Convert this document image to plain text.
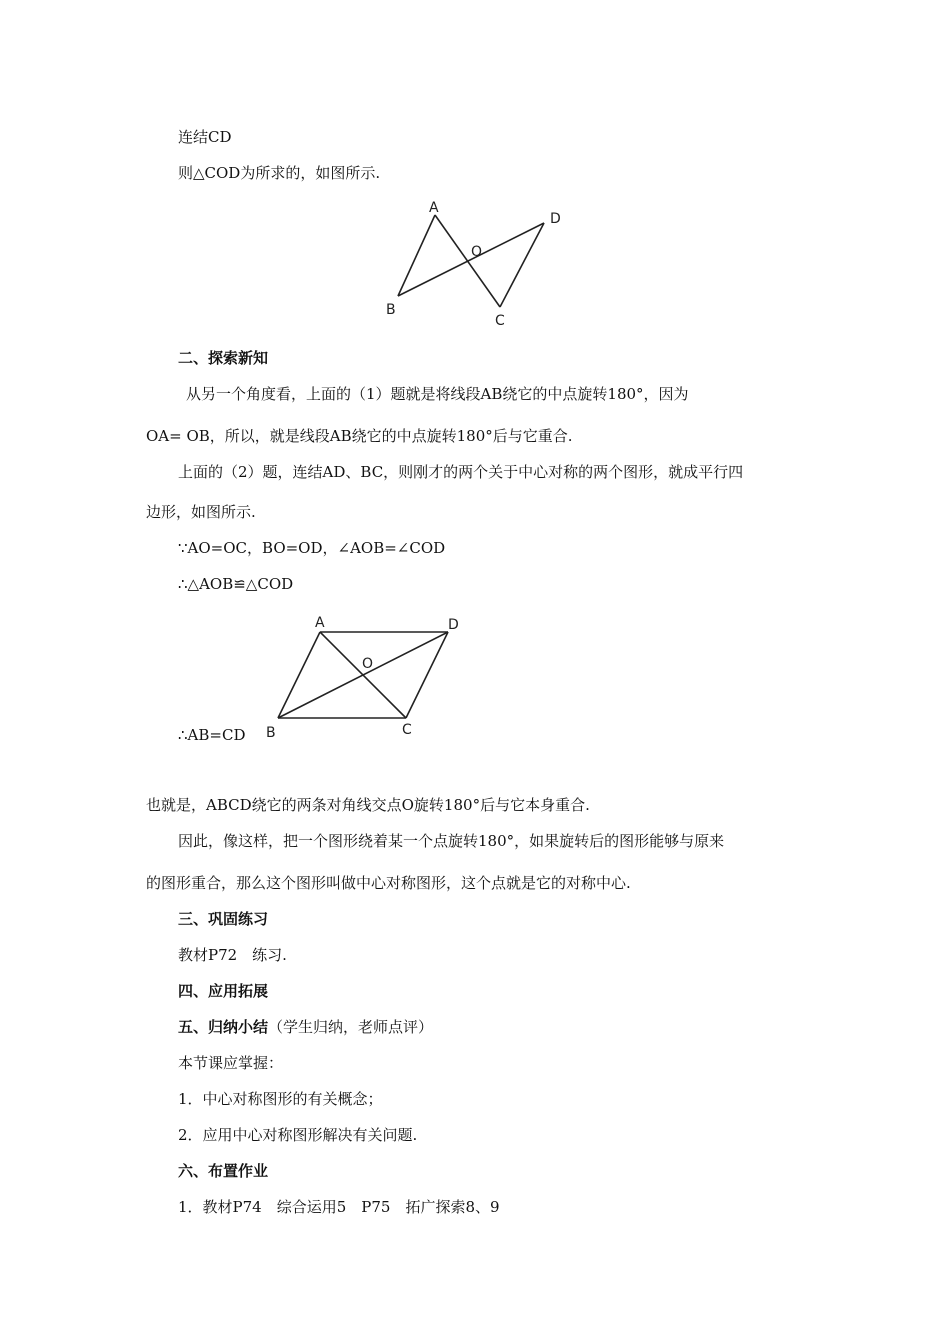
连结CD
则△COD为所求的，如图所示.
A
B
C
D
O
二、探索新知
从另一个角度看，上面的（1）题就是将线段AB绕它的中点旋转180°，因为
OA= OB，所以，就是线段AB绕它的中点旋转180°后与它重合.
上面的（2）题，连结AD、BC，则刚才的两个关于中心对称的两个图形，就成平行四
边形，如图所示.
∵AO=OC，BO=OD，∠AOB=∠COD
∴△AOB≌△COD
A
B	C
D
O
∴AB=CD
也就是，ABCD绕它的两条对角线交点O旋转180°后与它本身重合.
因此，像这样，把一个图形绕着某一个点旋转180°，如果旋转后的图形能够与原来
的图形重合，那么这个图形叫做中心对称图形，这个点就是它的对称中心.
三、巩固练习
教材P72　练习.
四、应用拓展
五、归纳小结（学生归纳，老师点评）
本节课应掌握：
1．中心对称图形的有关概念；
2．应用中心对称图形解决有关问题.
六、布置作业
1．教材P74　综合运用5　P75　拓广探索8、9
